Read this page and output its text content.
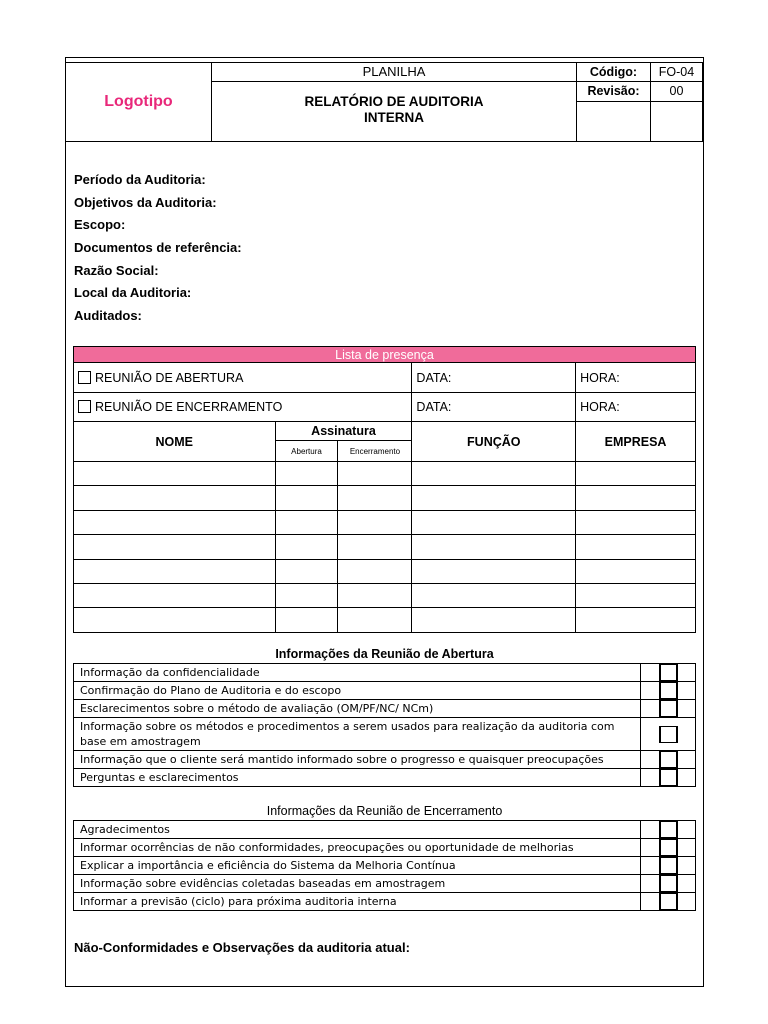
Logotipo
PLANILHA
RELATÓRIO DE AUDITORIA
INTERNA
Código:	FO-04
Revisão:	00
Período da Auditoria:
Objetivos da Auditoria:
Escopo:
Documentos de referência:
Razão Social:
Local da Auditoria:
Auditados:
Lista de presença				
REUNIÃO DE ABERTURA			DATA:	HORA:
REUNIÃO DE ENCERRAMENTO			DATA:	HORA:
NOME	Assinatura		FUNÇÃO	EMPRESA
	Abertura	Encerramento		

Informações da Reunião de Abertura
Informação da confidencialidade	

Confirmação do Plano de Auditoria e do escopo	

Esclarecimentos sobre o método de avaliação (OM/PF/NC/ NCm)	

Informação sobre os métodos e procedimentos a serem usados para realização da auditoria com base em amostragem	

Informação que o cliente será mantido informado sobre o progresso e quaisquer preocupações	

Perguntas e esclarecimentos	
Informações da Reunião de Encerramento
Agradecimentos	

Informar ocorrências de não conformidades, preocupações ou oportunidade de melhorias	

Explicar a importância e eficiência do Sistema da Melhoria Contínua	

Informação sobre evidências coletadas baseadas em amostragem	

Informar a previsão (ciclo) para próxima auditoria interna	
Não-Conformidades e Observações da auditoria atual:
